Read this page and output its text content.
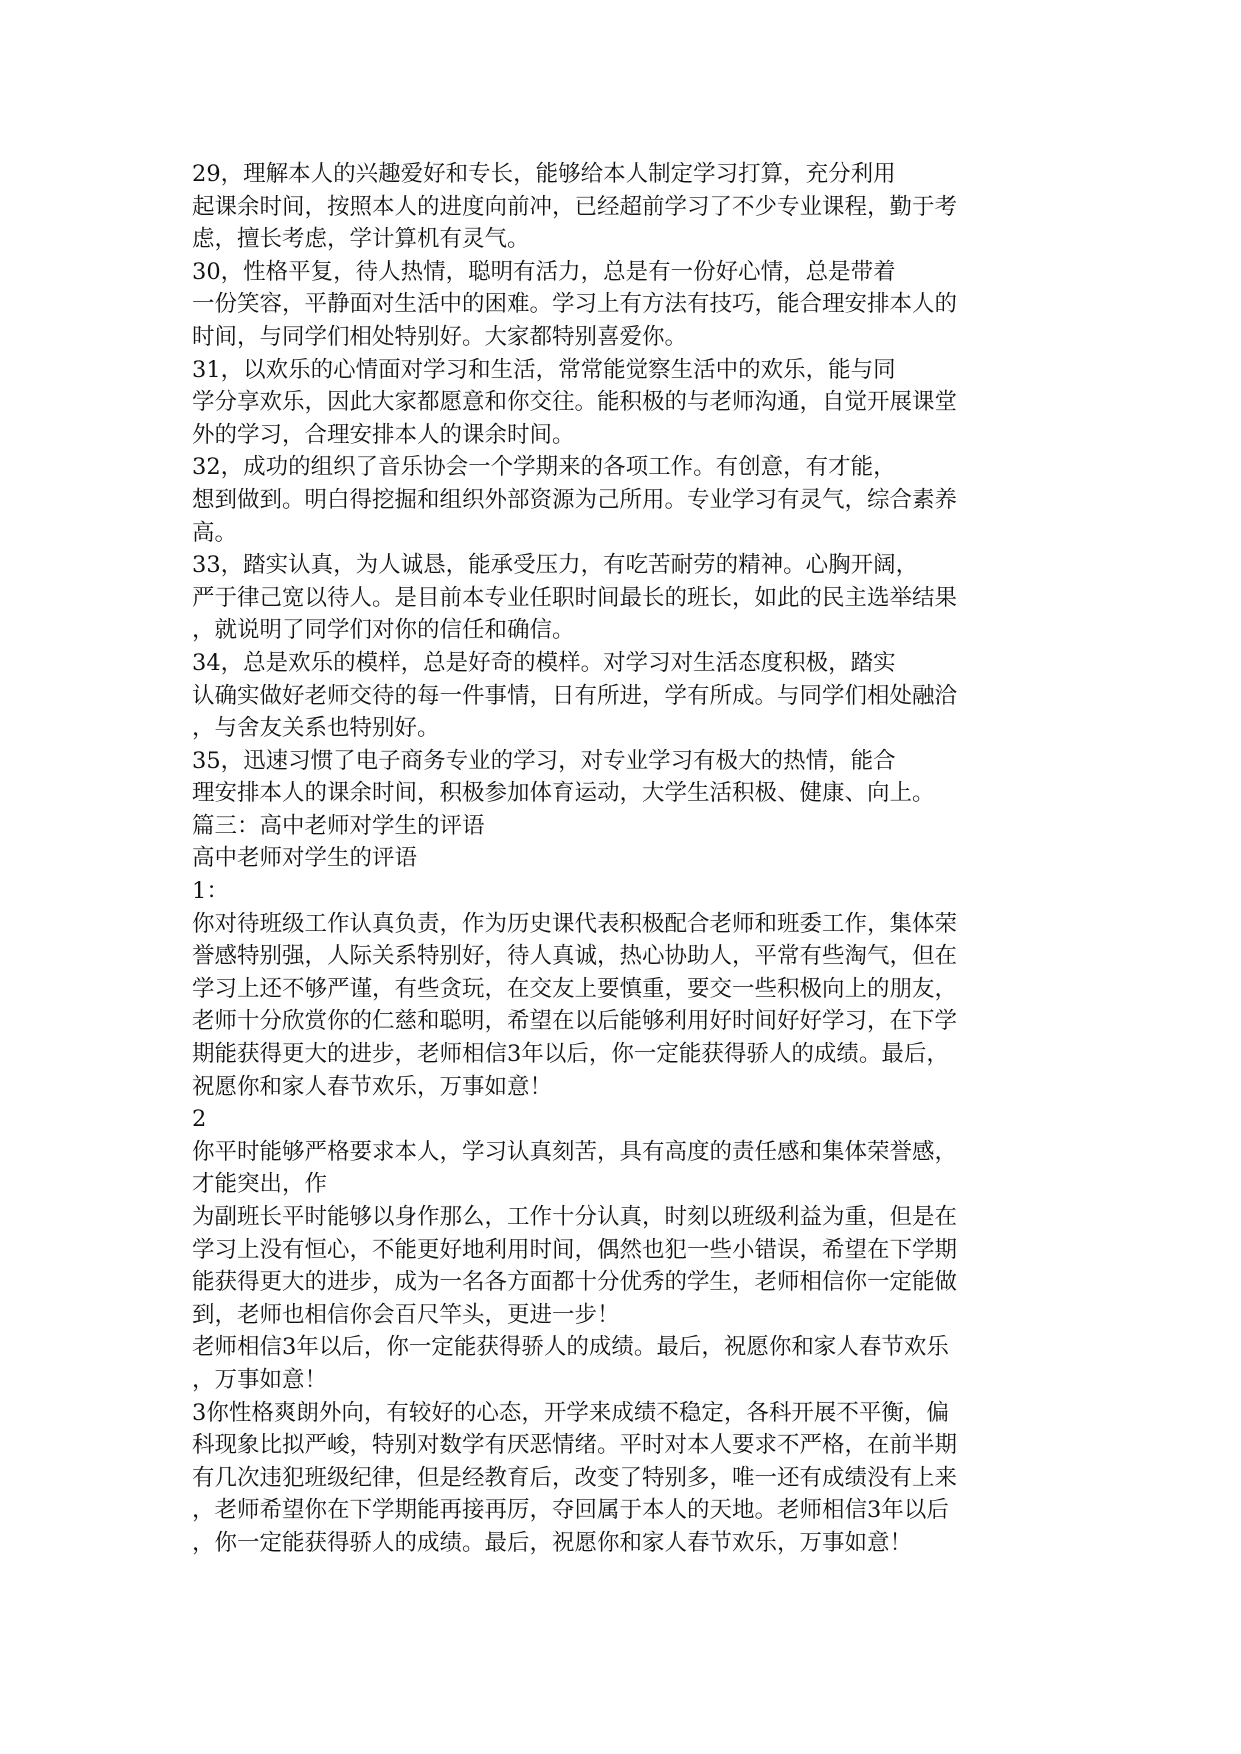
29，理解本人的兴趣爱好和专长，能够给本人制定学习打算，充分利用
起课余时间，按照本人的进度向前冲，已经超前学习了不少专业课程，勤于考
虑，擅长考虑，学计算机有灵气。
30，性格平复，待人热情，聪明有活力，总是有一份好心情，总是带着
一份笑容，平静面对生活中的困难。学习上有方法有技巧，能合理安排本人的
时间，与同学们相处特别好。大家都特别喜爱你。
31，以欢乐的心情面对学习和生活，常常能觉察生活中的欢乐，能与同
学分享欢乐，因此大家都愿意和你交往。能积极的与老师沟通，自觉开展课堂
外的学习，合理安排本人的课余时间。
32，成功的组织了音乐协会一个学期来的各项工作。有创意，有才能，
想到做到。明白得挖掘和组织外部资源为己所用。专业学习有灵气，综合素养
高。
33，踏实认真，为人诚恳，能承受压力，有吃苦耐劳的精神。心胸开阔，
严于律己宽以待人。是目前本专业任职时间最长的班长，如此的民主选举结果
，就说明了同学们对你的信任和确信。
34，总是欢乐的模样，总是好奇的模样。对学习对生活态度积极，踏实
认确实做好老师交待的每一件事情，日有所进，学有所成。与同学们相处融洽
，与舍友关系也特别好。
35，迅速习惯了电子商务专业的学习，对专业学习有极大的热情，能合
理安排本人的课余时间，积极参加体育运动，大学生活积极、健康、向上。
篇三：高中老师对学生的评语
高中老师对学生的评语
1：
你对待班级工作认真负责，作为历史课代表积极配合老师和班委工作，集体荣
誉感特别强，人际关系特别好，待人真诚，热心协助人，平常有些淘气，但在
学习上还不够严谨，有些贪玩，在交友上要慎重，要交一些积极向上的朋友，
老师十分欣赏你的仁慈和聪明，希望在以后能够利用好时间好好学习，在下学
期能获得更大的进步，老师相信3年以后，你一定能获得骄人的成绩。最后，
祝愿你和家人春节欢乐，万事如意！
2
你平时能够严格要求本人，学习认真刻苦，具有高度的责任感和集体荣誉感，
才能突出，作
为副班长平时能够以身作那么，工作十分认真，时刻以班级利益为重，但是在
学习上没有恒心，不能更好地利用时间，偶然也犯一些小错误，希望在下学期
能获得更大的进步，成为一名各方面都十分优秀的学生，老师相信你一定能做
到，老师也相信你会百尺竿头，更进一步！
老师相信3年以后，你一定能获得骄人的成绩。最后，祝愿你和家人春节欢乐
，万事如意！
3你性格爽朗外向，有较好的心态，开学来成绩不稳定，各科开展不平衡，偏
科现象比拟严峻，特别对数学有厌恶情绪。平时对本人要求不严格，在前半期
有几次违犯班级纪律，但是经教育后，改变了特别多，唯一还有成绩没有上来
，老师希望你在下学期能再接再厉，夺回属于本人的天地。老师相信3年以后
，你一定能获得骄人的成绩。最后，祝愿你和家人春节欢乐，万事如意！
